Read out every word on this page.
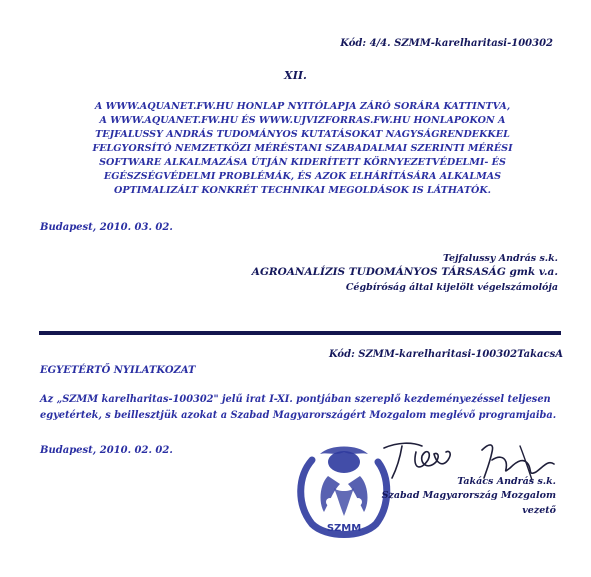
Kód: 4/4. SZMM-karelharitasi-100302
XII.
A WWW.AQUANET.FW.HU HONLAP NYITÓLAPJA ZÁRÓ SORÁRA KATTINTVA,
A WWW.AQUANET.FW.HU ÉS WWW.UJVIZFORRAS.FW.HU HONLAPOKON A
TEJFALUSSY ANDRÁS TUDOMÁNYOS KUTATÁSOKAT NAGYSÁGRENDEKKEL
FELGYORSÍTÓ NEMZETKÖZI MÉRÉSTANI SZABADALMAI SZERINTI MÉRÉSI
SOFTWARE ALKALMAZÁSA ÚTJÁN KIDERÍTETT KÖRNYEZETVÉDELMI- ÉS
EGÉSZSÉGVÉDELMI PROBLÉMÁK, ÉS AZOK ELHÁRÍTÁSÁRA ALKALMAS
OPTIMALIZÁLT KONKRÉT TECHNIKAI MEGOLDÁSOK IS LÁTHATÓK.
Budapest, 2010. 03. 02.
Tejfalussy András s.k.
AGROANALÍZIS TUDOMÁNYOS TÁRSASÁG gmk v.a.
Cégbíróság által kijelölt végelszámolója
Kód: SZMM-karelharitasi-100302TakacsA
EGYETÉRTŐ NYILATKOZAT
Az „SZMM karelharitas-100302" jelű irat I-XI. pontjában szereplő kezdeményezéssel teljesen
egyetértek, s beillesztjük azokat a Szabad Magyarországért Mozgalom meglévő programjaiba.
Budapest, 2010. 02. 02.
SZMM
Takács András s.k.
Szabad Magyarország Mozgalom
vezető
